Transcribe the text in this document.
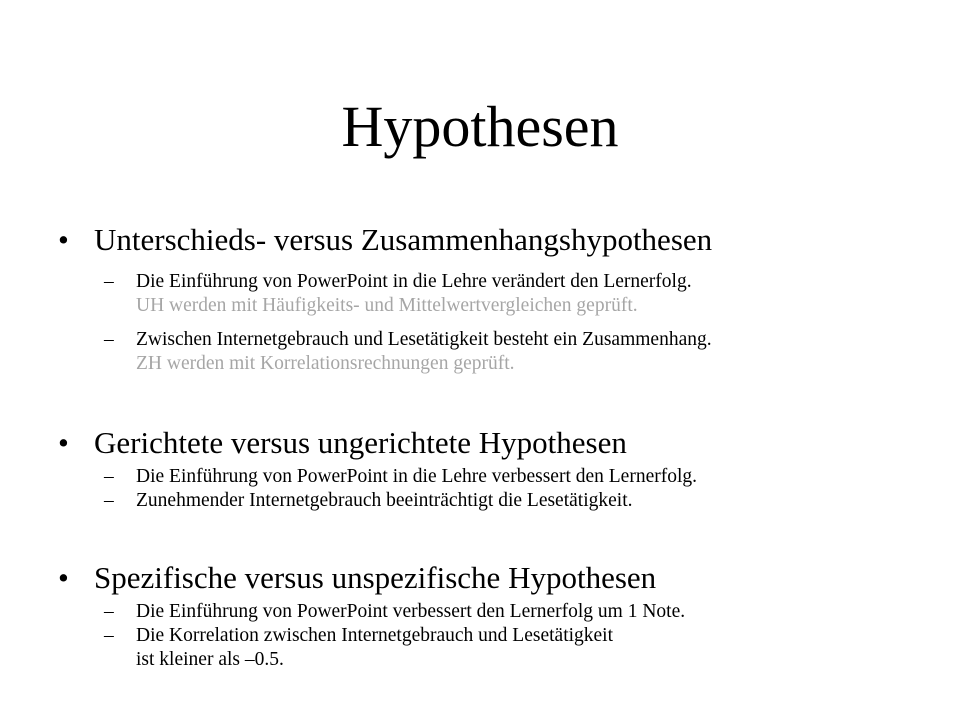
Hypothesen
• Unterschieds- versus Zusammenhangshypothesen
– Die Einführung von PowerPoint in die Lehre verändert den Lernerfolg.
UH werden mit Häufigkeits- und Mittelwertvergleichen geprüft.
– Zwischen Internetgebrauch und Lesetätigkeit besteht ein Zusammenhang.
ZH werden mit Korrelationsrechnungen geprüft.
• Gerichtete versus ungerichtete Hypothesen
– Die Einführung von PowerPoint in die Lehre verbessert den Lernerfolg.
– Zunehmender Internetgebrauch beeinträchtigt die Lesetätigkeit.
• Spezifische versus unspezifische Hypothesen
– Die Einführung von PowerPoint verbessert den Lernerfolg um 1 Note.
– Die Korrelation zwischen Internetgebrauch und Lesetätigkeit
ist kleiner als –0.5.
